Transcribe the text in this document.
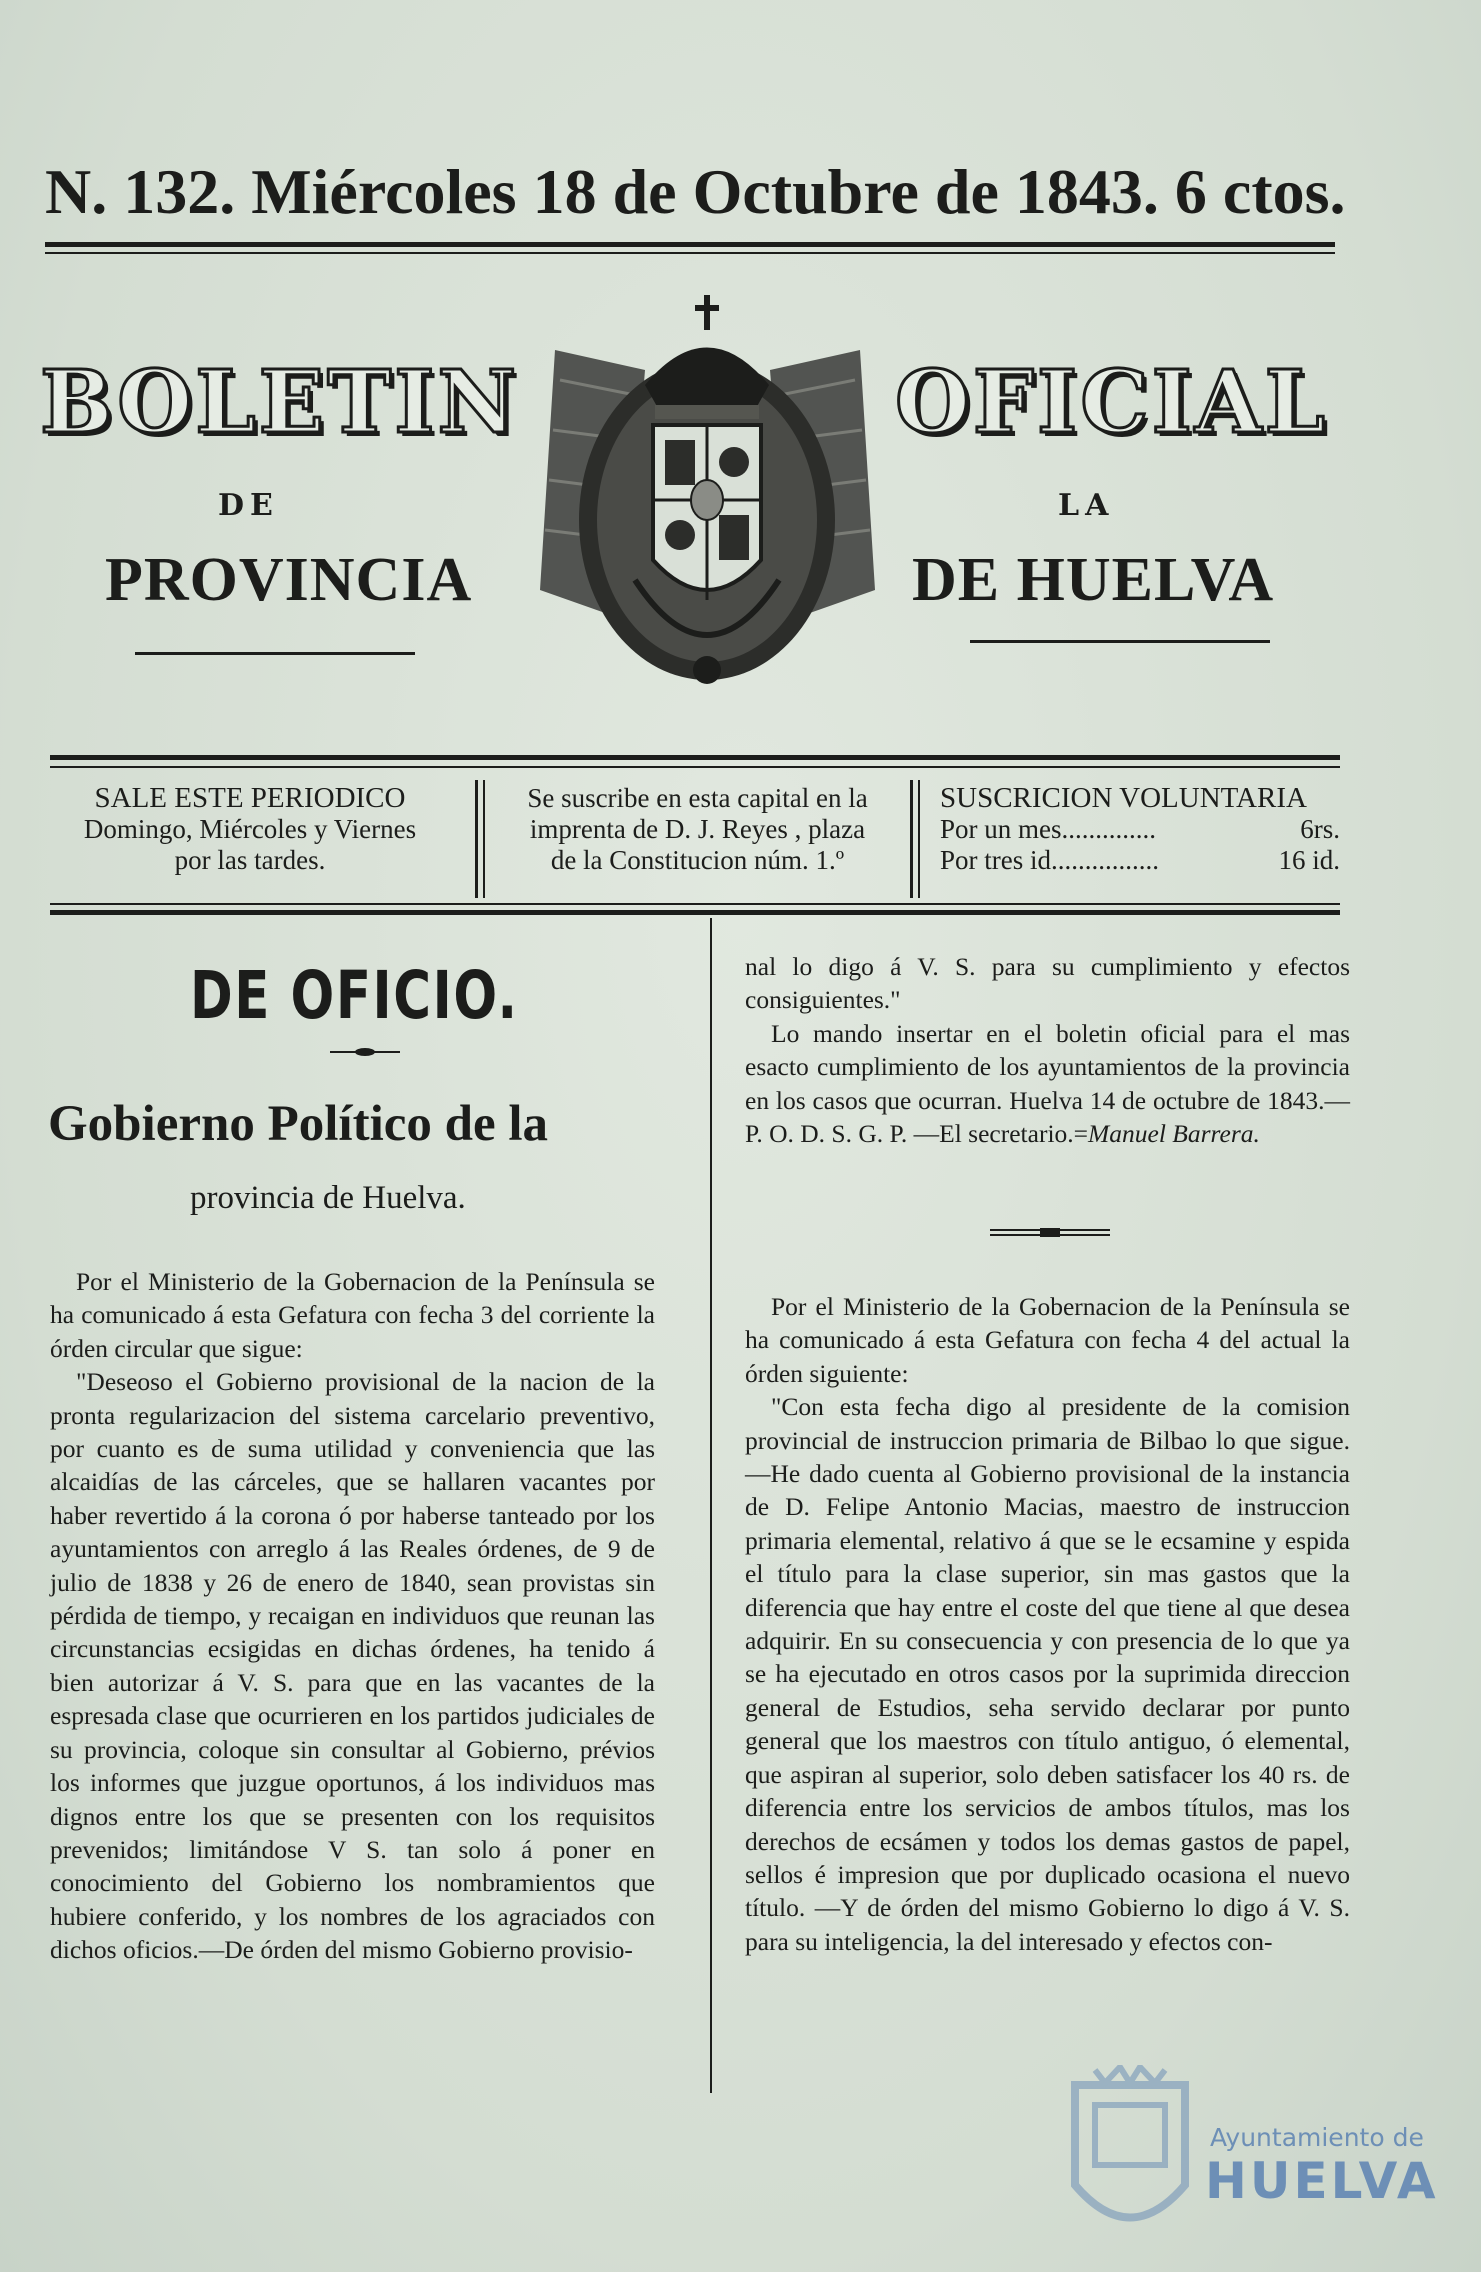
N. 132. Miércoles 18 de Octubre de 1843. 6 ctos.
BOLETIN	OFICIAL
DE	LA
PROVINCIA	DE HUELVA
SALE ESTE PERIODICO
Domingo, Miércoles y Viernes
por las tardes.
Se suscribe en esta capital en la
imprenta de D. J. Reyes , plaza
de la Constitucion núm. 1.º
SUSCRICION VOLUNTARIA
Por un mes..............	6rs.
Por tres id................	16 id.
DE OFICIO.
Gobierno Político de la
provincia de Huelva.

Por el Ministerio de la Gobernacion de la Península se ha comunicado á esta Gefatura con fecha 3 del corriente la órden circular que sigue:

"Deseoso el Gobierno provisional de la nacion de la pronta regularizacion del sistema carcelario preventivo, por cuanto es de suma utilidad y conveniencia que las alcaidías de las cárceles, que se hallaren vacantes por haber revertido á la corona ó por haberse tanteado por los ayuntamientos con arreglo á las Reales órdenes, de 9 de julio de 1838 y 26 de enero de 1840, sean provistas sin pérdida de tiempo, y recaigan en individuos que reunan las circunstancias ecsigidas en dichas órdenes, ha tenido á bien autorizar á V. S. para que en las vacantes de la espresada clase que ocurrieren en los partidos judiciales de su provincia, coloque sin consultar al Gobierno, prévios los informes que juzgue oportunos, á los individuos mas dignos entre los que se presenten con los requisitos prevenidos; limitándose V S. tan solo á poner en conocimiento del Gobierno los nombramientos que hubiere conferido, y los nombres de los agraciados con dichos oficios.—De órden del mismo Gobierno provisio-

nal lo digo á V. S. para su cumplimiento y efectos consiguientes."

Lo mando insertar en el boletin oficial para el mas esacto cumplimiento de los ayuntamientos de la provincia en los casos que ocurran. Huelva 14 de octubre de 1843.—P. O. D. S. G. P. —El secretario.=Manuel Barrera.

Por el Ministerio de la Gobernacion de la Península se ha comunicado á esta Gefatura con fecha 4 del actual la órden siguiente:

"Con esta fecha digo al presidente de la comision provincial de instruccion primaria de Bilbao lo que sigue.—He dado cuenta al Gobierno provisional de la instancia de D. Felipe Antonio Macias, maestro de instruccion primaria elemental, relativo á que se le ecsamine y espida el título para la clase superior, sin mas gastos que la diferencia que hay entre el coste del que tiene al que desea adquirir. En su consecuencia y con presencia de lo que ya se ha ejecutado en otros casos por la suprimida direccion general de Estudios, seha servido declarar por punto general que los maestros con título antiguo, ó elemental, que aspiran al superior, solo deben satisfacer los 40 rs. de diferencia entre los servicios de ambos títulos, mas los derechos de ecsámen y todos los demas gastos de papel, sellos é impresion que por duplicado ocasiona el nuevo título. —Y de órden del mismo Gobierno lo digo á V. S. para su inteligencia, la del interesado y efectos con-

Ayuntamiento de
HUELVA
